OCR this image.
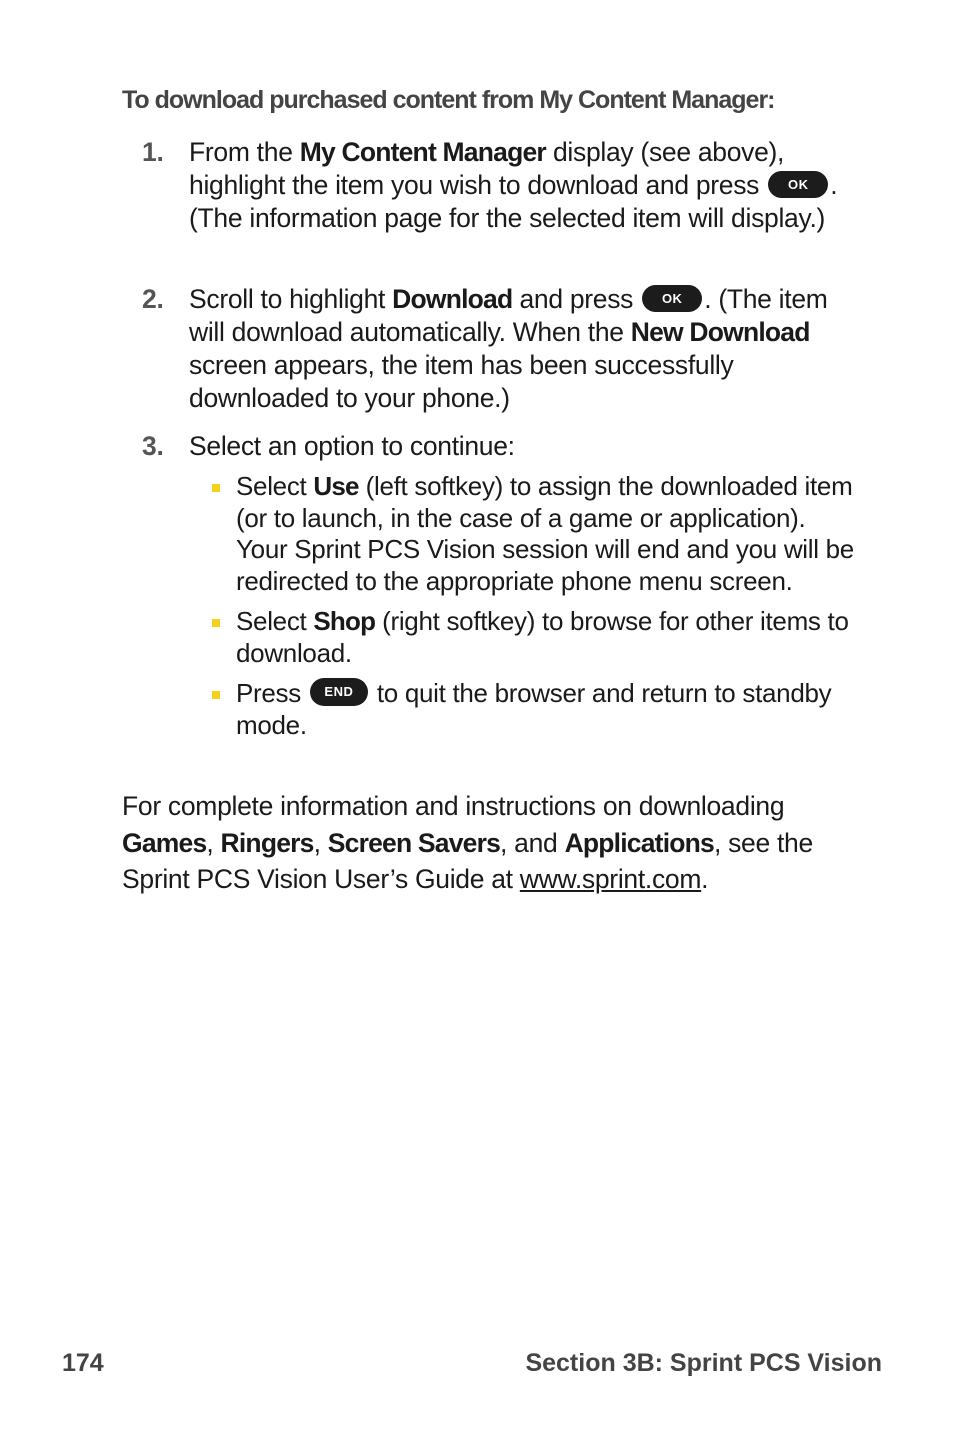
To download purchased content from My Content Manager:
1. From the My Content Manager display (see above), highlight the item you wish to download and press OK . (The information page for the selected item will display.)
2. Scroll to highlight Download and press OK . (The item will download automatically. When the New Download screen appears, the item has been successfully downloaded to your phone.)
3. Select an option to continue:
Select Use (left softkey) to assign the downloaded item (or to launch, in the case of a game or application). Your Sprint PCS Vision session will end and you will be redirected to the appropriate phone menu screen.
Select Shop (right softkey) to browse for other items to download.
Press END to quit the browser and return to standby mode.
For complete information and instructions on downloading Games, Ringers, Screen Savers, and Applications, see the Sprint PCS Vision User’s Guide at www.sprint.com.
174	Section 3B: Sprint PCS Vision
